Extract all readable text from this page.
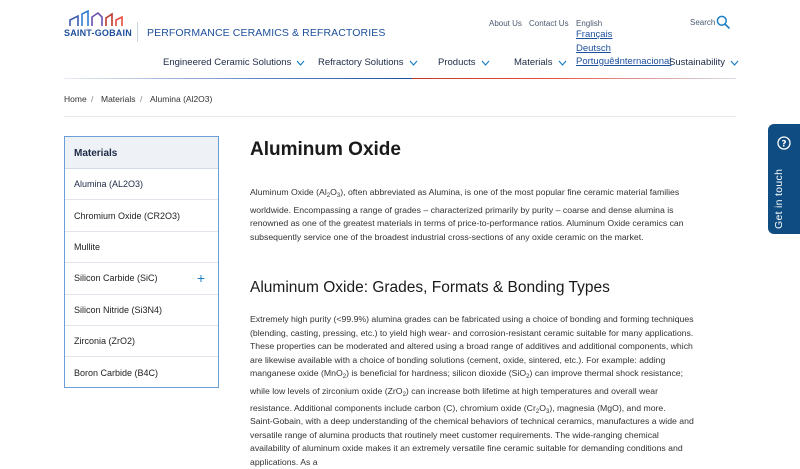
SAINT-GOBAIN PERFORMANCE CERAMICS & REFRACTORIES
About Us Contact Us English
Français
Deutsch
Português
Internacional
Search
Engineered Ceramic Solutions	Refractory Solutions	Products	Materials	Sustainability
Home / Materials / Alumina (Al2O3)
Materials
Alumina (AL2O3)
Chromium Oxide (CR2O3)
Mullite
Silicon Carbide (SiC)	+
Silicon Nitride (Si3N4)
Zirconia (ZrO2)
Boron Carbide (B4C)
Aluminum Oxide

Aluminum Oxide $(Al_2O_3)$, often abbreviated as Alumina, is one of the most popular fine ceramic material families worldwide. Encompassing a range of grades – characterized primarily by purity – coarse and dense alumina is renowned as one of the greatest materials in terms of price-to-performance ratios. Aluminum Oxide ceramics can subsequently service one of the broadest industrial cross-sections of any oxide ceramic on the market.

Aluminum Oxide: Grades, Formats & Bonding Types

Extremely high purity (<99.9%) alumina grades can be fabricated using a choice of bonding and forming techniques (blending, casting, pressing, etc.) to yield high wear- and corrosion-resistant ceramic suitable for many applications. These properties can be moderated and altered using a broad range of additives and additional components, which are likewise available with a choice of bonding solutions (cement, oxide, sintered, etc.). For example: adding manganese oxide (MnO$_2$) is beneficial for hardness; silicon dioxide (SiO$_2$) can improve thermal shock resistance; while low levels of zirconium oxide (ZrO$_2$) can increase both lifetime at high temperatures and overall wear resistance. Additional components include carbon (C), chromium oxide $(Cr_2O_3)$, magnesia (MgO), and more.

Saint-Gobain, with a deep understanding of the chemical behaviors of technical ceramics, manufactures a wide and versatile range of alumina products that routinely meet customer requirements. The wide-ranging chemical availability of aluminum oxide makes it an extremely versatile fine ceramic suitable for demanding conditions and applications. As a

?
Get in touch
